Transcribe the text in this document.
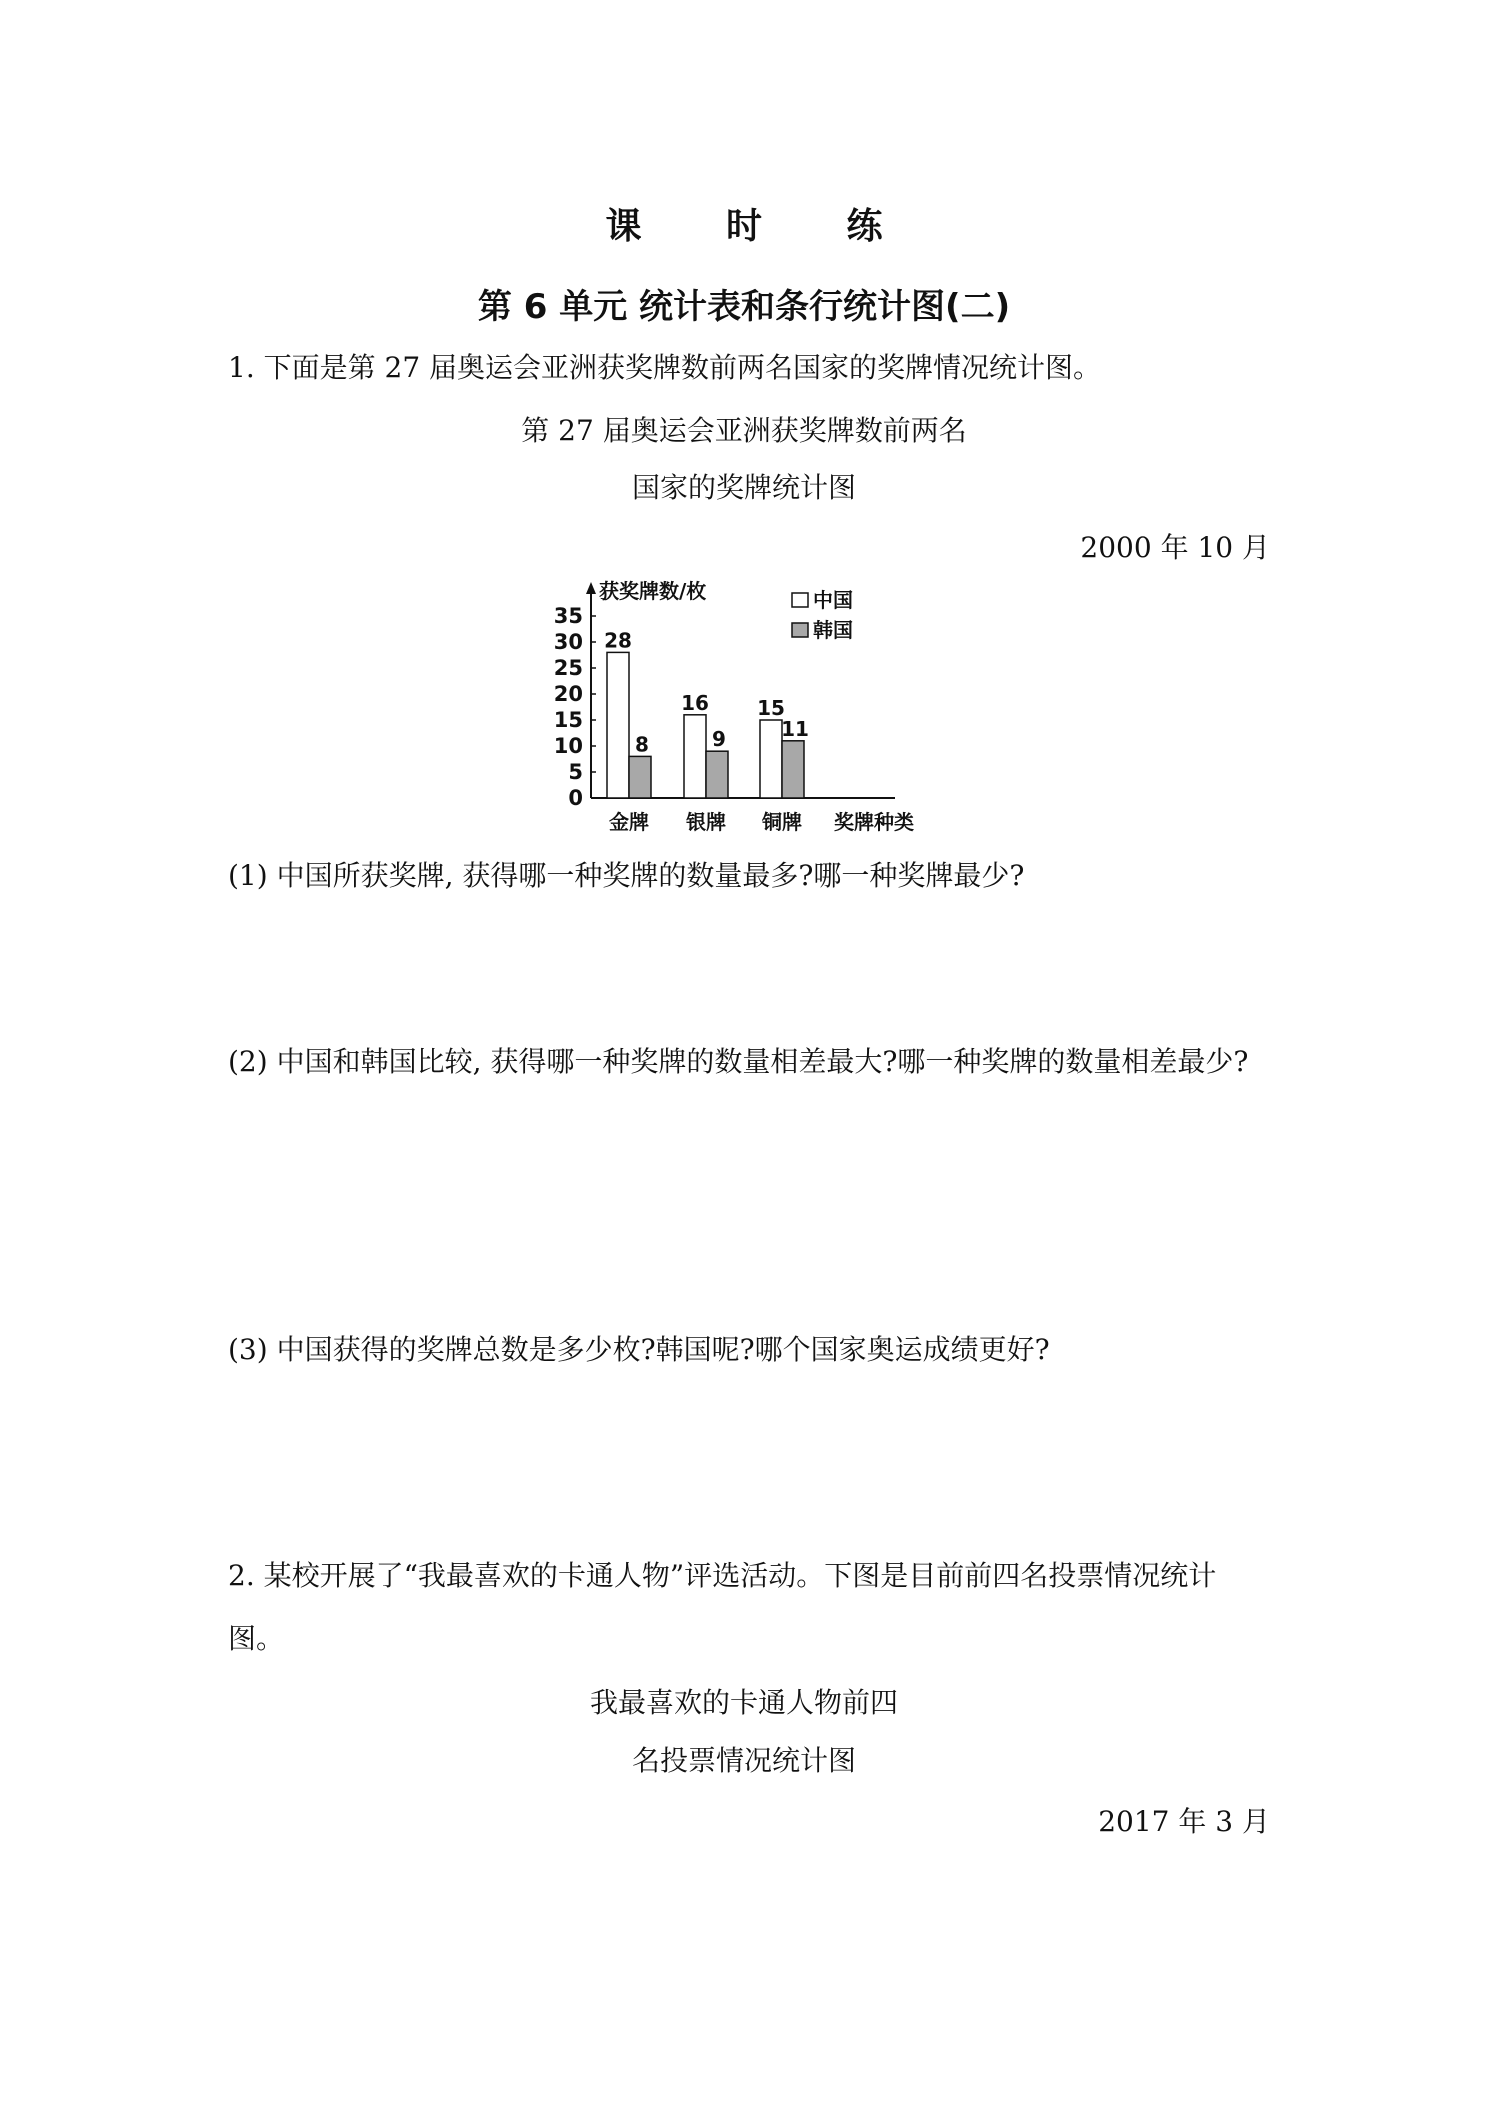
课 时 练
第 6 单元 统计表和条行统计图(二)
1. 下面是第 27 届奥运会亚洲获奖牌数前两名国家的奖牌情况统计图。
第 27 届奥运会亚洲获奖牌数前两名
国家的奖牌统计图
2000 年 10 月
获奖牌数/枚
奖牌种类
中国
韩国
0
5
10
15
20
25
30
35
28
8
金牌
16
9
银牌
15
11
铜牌
(1) 中国所获奖牌, 获得哪一种奖牌的数量最多?哪一种奖牌最少?
(2) 中国和韩国比较, 获得哪一种奖牌的数量相差最大?哪一种奖牌的数量相差最少?
(3) 中国获得的奖牌总数是多少枚?韩国呢?哪个国家奥运成绩更好?
2. 某校开展了“我最喜欢的卡通人物”评选活动。下图是目前前四名投票情况统计图。
我最喜欢的卡通人物前四
名投票情况统计图
2017 年 3 月
